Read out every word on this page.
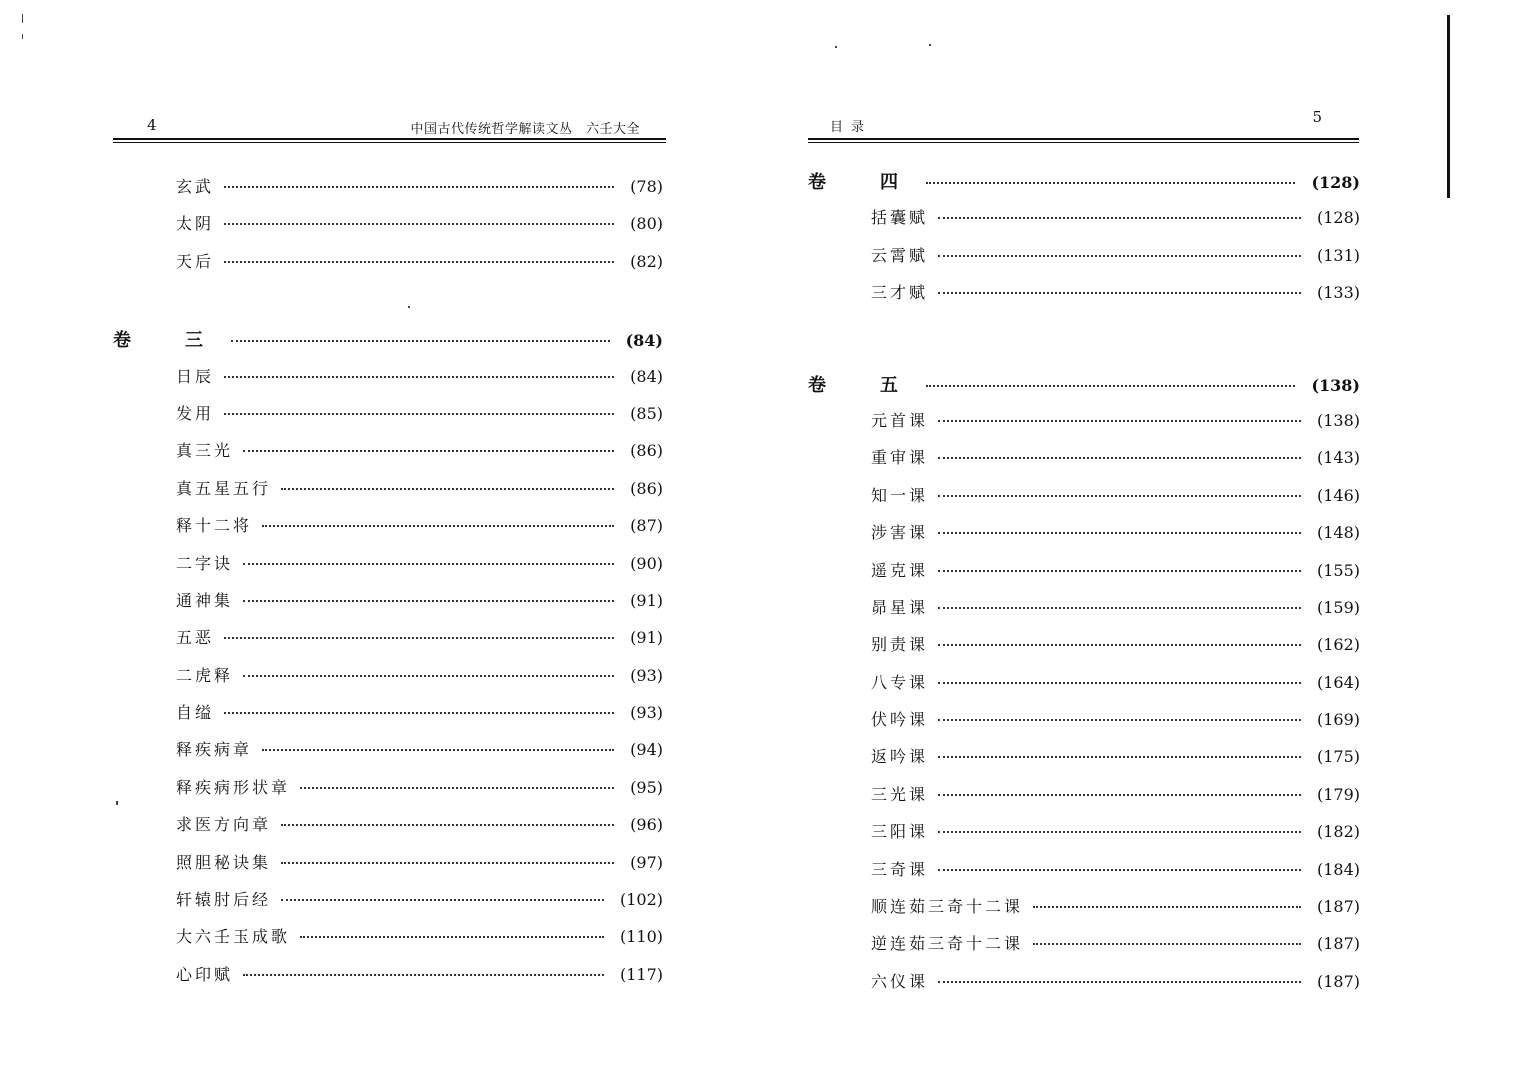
4	中国古代传统哲学解读文丛　六壬大全
玄武	(78)
太阴	(80)
天后	(82)
卷　三	(84)
日辰	(84)
发用	(85)
真三光	(86)
真五星五行	(86)
释十二将	(87)
二字诀	(90)
通神集	(91)
五恶	(91)
二虎释	(93)
自缢	(93)
释疾病章	(94)
释疾病形状章	(95)
求医方向章	(96)
照胆秘诀集	(97)
轩辕肘后经	(102)
大六壬玉成歌	(110)
心印赋	(117)
目录
5
卷　四	(128)
括囊赋	(128)
云霄赋	(131)
三才赋	(133)
卷　五	(138)
元首课	(138)
重审课	(143)
知一课	(146)
涉害课	(148)
遥克课	(155)
昴星课	(159)
别责课	(162)
八专课	(164)
伏吟课	(169)
返吟课	(175)
三光课	(179)
三阳课	(182)
三奇课	(184)
顺连茹三奇十二课	(187)
逆连茹三奇十二课	(187)
六仪课	(187)
